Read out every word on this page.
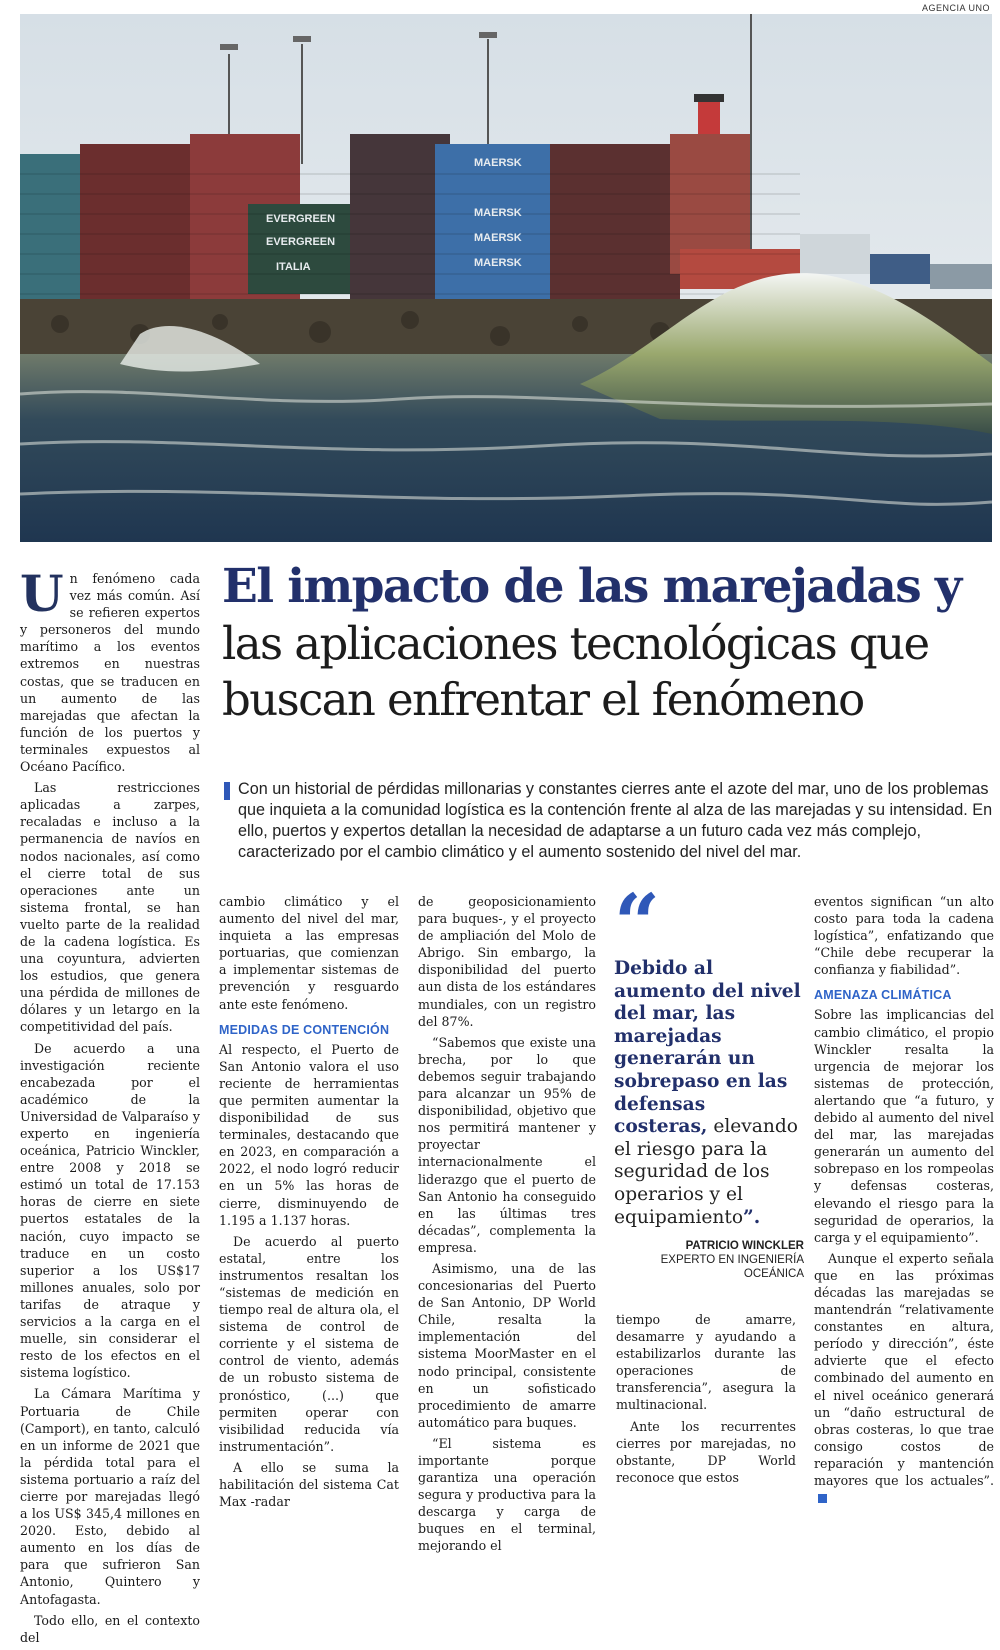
AGENCIA UNO
EVERGREEN
EVERGREEN
ITALIA
MAERSK
MAERSK
MAERSK
MAERSK
El impacto de las marejadas y
las aplicaciones tecnológicas que
buscan enfrentar el fenómeno
Con un historial de pérdidas millonarias y constantes cierres ante el azote del mar, uno de los problemas que inquieta a la comunidad logística es la contención frente al alza de las marejadas y su intensidad. En ello, puertos y expertos detallan la necesidad de adaptarse a un futuro cada vez más complejo, caracterizado por el cambio climático y el aumento sostenido del nivel del mar.

Un fenómeno cada vez más común. Así se refieren expertos y personeros del mundo marítimo a los eventos extremos en nuestras costas, que se traducen en un aumento de las marejadas que afectan la función de los puertos y terminales expuestos al Océano Pacífico.

Las restricciones aplicadas a zarpes, recaladas e incluso a la permanencia de navíos en nodos nacionales, así como el cierre total de sus operaciones ante un sistema frontal, se han vuelto parte de la realidad de la cadena logística. Es una coyuntura, advierten los estudios, que genera una pérdida de millones de dólares y un letargo en la competitividad del país.

De acuerdo a una investigación reciente encabezada por el académico de la Universidad de Valparaíso y experto en ingeniería oceánica, Patricio Winckler, entre 2008 y 2018 se estimó un total de 17.153 horas de cierre en siete puertos estatales de la nación, cuyo impacto se traduce en un costo superior a los US$17 millones anuales, solo por tarifas de atraque y servicios a la carga en el muelle, sin considerar el resto de los efectos en el sistema logístico.

La Cámara Marítima y Portuaria de Chile (Camport), en tanto, calculó en un informe de 2021 que la pérdida total para el sistema portuario a raíz del cierre por marejadas llegó a los US$ 345,4 millones en 2020. Esto, debido al aumento en los días de para que sufrieron San Antonio, Quintero y Antofagasta.

Todo ello, en el contexto del

cambio climático y el aumento del nivel del mar, inquieta a las empresas portuarias, que comienzan a implementar sistemas de prevención y resguardo ante este fenómeno.

MEDIDAS DE CONTENCIÓN

Al respecto, el Puerto de San Antonio valora el uso reciente de herramientas que permiten aumentar la disponibilidad de sus terminales, destacando que en 2023, en comparación a 2022, el nodo logró reducir en un 5% las horas de cierre, disminuyendo de 1.195 a 1.137 horas.

De acuerdo al puerto estatal, entre los instrumentos resaltan los “sistemas de medición en tiempo real de altura ola, el sistema de control de corriente y el sistema de control de viento, además de un robusto sistema de pronóstico, (...) que permiten operar con visibilidad reducida vía instrumentación”.

A ello se suma la habilitación del sistema Cat Max -radar

de geoposicionamiento para buques-, y el proyecto de ampliación del Molo de Abrigo. Sin embargo, la disponibilidad del puerto aun dista de los estándares mundiales, con un registro del 87%.

“Sabemos que existe una brecha, por lo que debemos seguir trabajando para alcanzar un 95% de disponibilidad, objetivo que nos permitirá mantener y proyectar internacionalmente el liderazgo que el puerto de San Antonio ha conseguido en las últimas tres décadas”, complementa la empresa.

Asimismo, una de las concesionarias del Puerto de San Antonio, DP World Chile, resalta la implementación del sistema MoorMaster en el nodo principal, consistente en un sofisticado procedimiento de amarre automático para buques.

“El sistema es importante porque garantiza una operación segura y productiva para la descarga y carga de buques en el terminal, mejorando el

“
Debido al aumento del nivel del mar, las marejadas generarán un sobrepaso en las defensas costeras, elevando el riesgo para la seguridad de los operarios y el equipamiento”.
PATRICIO WINCKLER
EXPERTO EN INGENIERÍA OCEÁNICA

tiempo de amarre, desamarre y ayudando a estabilizarlos durante las operaciones de transferencia”, asegura la multinacional.

Ante los recurrentes cierres por marejadas, no obstante, DP World reconoce que estos

eventos significan “un alto costo para toda la cadena logística”, enfatizando que “Chile debe recuperar la confianza y fiabilidad”.

AMENAZA CLIMÁTICA

Sobre las implicancias del cambio climático, el propio Winckler resalta la urgencia de mejorar los sistemas de protección, alertando que “a futuro, y debido al aumento del nivel del mar, las marejadas generarán un aumento del sobrepaso en los rompeolas y defensas costeras, elevando el riesgo para la seguridad de operarios, la carga y el equipamiento”.

Aunque el experto señala que en las próximas décadas las marejadas se mantendrán “relativamente constantes en altura, período y dirección”, éste advierte que el efecto combinado del aumento en el nivel oceánico generará un “daño estructural de obras costeras, lo que trae consigo costos de reparación y mantención mayores que los actuales”.
